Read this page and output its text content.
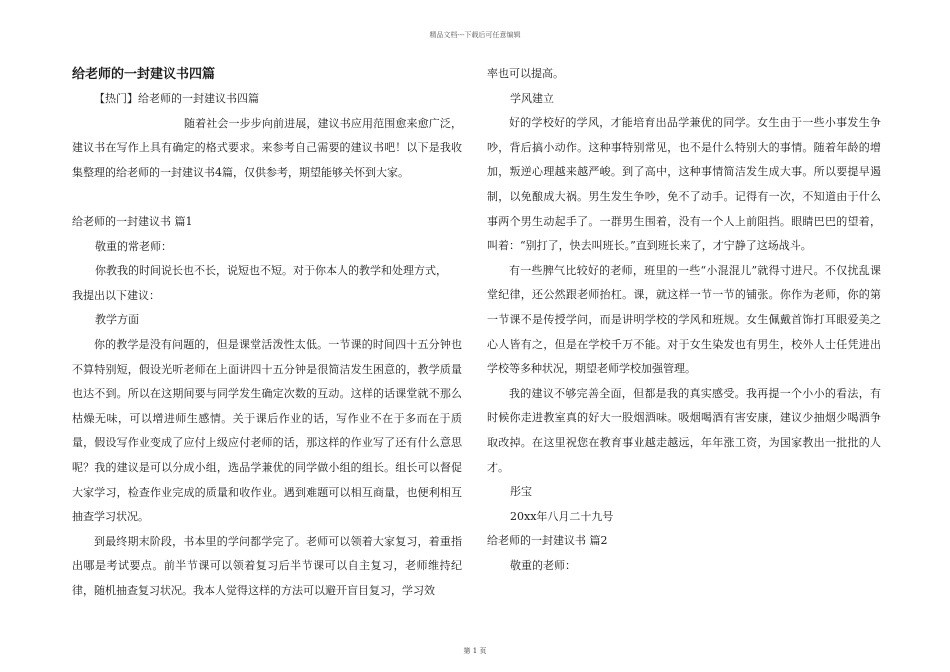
精品文档---下载后可任意编辑

给老师的一封建议书四篇

【热门】给老师的一封建议书四篇

随着社会一步步向前进展，建议书应用范围愈来愈广泛，建议书在写作上具有确定的格式要求。来参考自己需要的建议书吧！以下是我收集整理的给老师的一封建议书4篇，仅供参考，期望能够关怀到大家。

给老师的一封建议书 篇1

敬重的常老师：

你教我的时间说长也不长，说短也不短。对于你本人的教学和处理方式，

我提出以下建议：

教学方面

你的教学是没有问题的，但是课堂活泼性太低。一节课的时间四十五分钟也不算特别短，假设光听老师在上面讲四十五分钟是很简洁发生困意的，教学质量也达不到。所以在这期间要与同学发生确定次数的互动。这样的话课堂就不那么枯燥无味，可以增进师生感情。关于课后作业的话，写作业不在于多而在于质量，假设写作业变成了应付上级应付老师的话，那这样的作业写了还有什么意思呢？我的建议是可以分成小组，选品学兼优的同学做小组的组长。组长可以督促大家学习，检查作业完成的质量和收作业。遇到难题可以相互商量，也便利相互抽查学习状况。

到最终期末阶段，书本里的学问都学完了。老师可以领着大家复习，着重指出哪是考试要点。前半节课可以领着复习后半节课可以自主复习，老师维持纪律，随机抽查复习状况。我本人觉得这样的方法可以避开盲目复习，学习效

率也可以提高。

学风建立

好的学校好的学风，才能培育出品学兼优的同学。女生由于一些小事发生争吵，背后搞小动作。这种事特别常见，也不是什么特别大的事情。随着年龄的增加，叛逆心理越来越严峻。到了高中，这种事情简洁发生成大事。所以要提早遏制，以免酿成大祸。男生发生争吵，免不了动手。记得有一次，不知道由于什么事两个男生动起手了。一群男生围着，没有一个人上前阻挡。眼睛巴巴的望着，叫着：“别打了，快去叫班长。”直到班长来了，才宁静了这场战斗。

有一些脾气比较好的老师，班里的一些“小混混儿”就得寸进尺。不仅扰乱课堂纪律，还公然跟老师抬杠。课，就这样一节一节的铺张。你作为老师，你的第一节课不是传授学问，而是讲明学校的学风和班规。女生佩戴首饰打耳眼爱美之心人皆有之，但是在学校千万不能。对于女生染发也有男生，校外人士任凭进出学校等多种状况，期望老师学校加强管理。

我的建议不够完善全面，但都是我的真实感受。我再提一个小小的看法，有时候你走进教室真的好大一股烟酒味。吸烟喝酒有害安康，建议少抽烟少喝酒争取改掉。在这里祝您在教育事业越走越远，年年涨工资，为国家教出一批批的人才。

彤宝

20xx年八月二十九号

给老师的一封建议书 篇2

敬重的老师：

第 1 页
